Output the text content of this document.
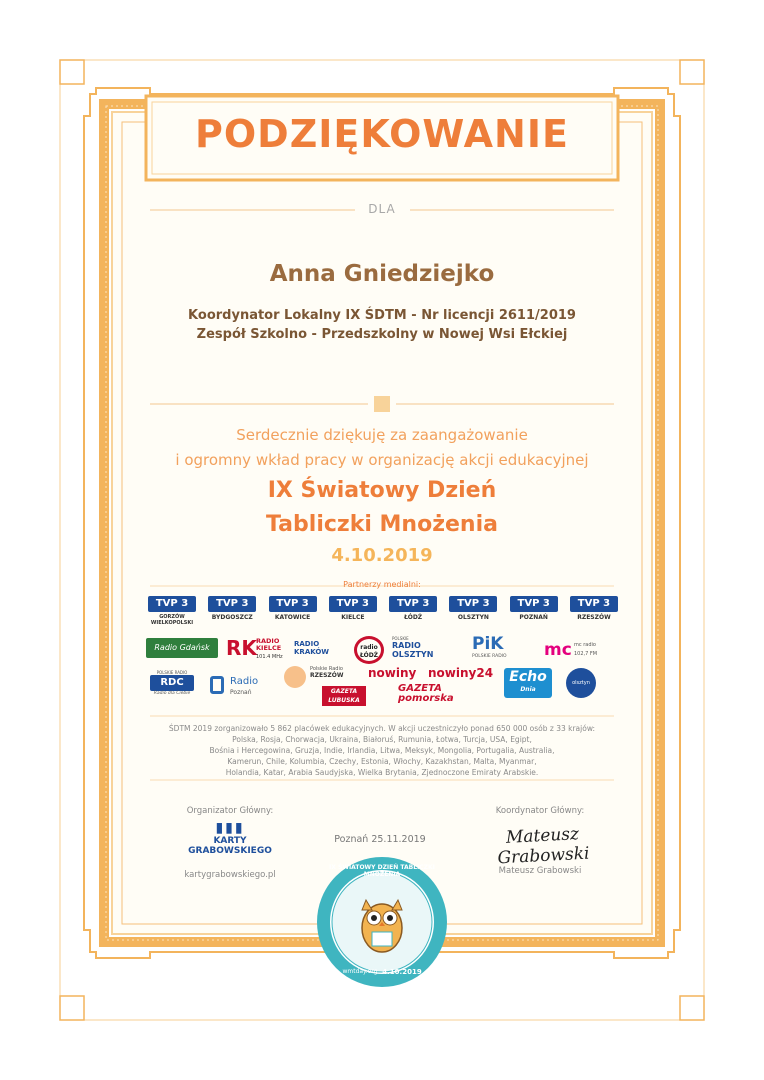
PODZIĘKOWANIE
DLA
Anna Gniedziejko
Koordynator Lokalny IX ŚDTM - Nr licencji 2611/2019
Zespół Szkolno - Przedszkolny w Nowej Wsi Ełckiej
Serdecznie dziękuję za zaangażowanie
i ogromny wkład pracy w organizację akcji edukacyjnej
IX Światowy Dzień
Tabliczki Mnożenia
4.10.2019
Partnerzy medialni:
TVP 3
GORZÓW WIELKOPOLSKI
TVP 3
BYDGOSZCZ
TVP 3
KATOWICE
TVP 3
KIELCE
TVP 3
ŁÓDŹ
TVP 3
OLSZTYN
TVP 3
POZNAŃ
TVP 3
RZESZÓW
Radio Gdańsk RK RADIO KIELCE
101.4 MHz
RADIO KRAKÓW
radio ŁÓDŹ
POLSKIE
RADIO OLSZTYN
PiK
POLSKIE RADIO	mc mc radio
102,7 FM
POLSKIE RADIO
RDC
Radio dla Ciebie
Radio
Poznań
Polskie Radio
RZESZÓW
GAZETA
LUBUSKA
nowiny nowiny24
GAZETA
pomorska
Echo
Dnia
olsztyn
ŚDTM 2019 zorganizowało 5 862 placówek edukacyjnych. W akcji uczestniczyło ponad 650 000 osób z 33 krajów:
Polska, Rosja, Chorwacja, Ukraina, Białoruś, Rumunia, Łotwa, Turcja, USA, Egipt,
Bośnia i Hercegowina, Gruzja, Indie, Irlandia, Litwa, Meksyk, Mongolia, Portugalia, Australia,
Kamerun, Chile, Kolumbia, Czechy, Estonia, Włochy, Kazakhstan, Malta, Myanmar,
Holandia, Katar, Arabia Saudyjska, Wielka Brytania, Zjednoczone Emiraty Arabskie.
Organizator Główny:
▮▮▮
KARTY
GRABOWSKIEGO
kartygrabowskiego.pl
Poznań 25.11.2019
Koordynator Główny:
Mateusz Grabowski
Mateusz Grabowski
IX ŚWIATOWY DZIEŃ TABLICZKI MNOŻENIA
4.10.2019
wmtday.org
